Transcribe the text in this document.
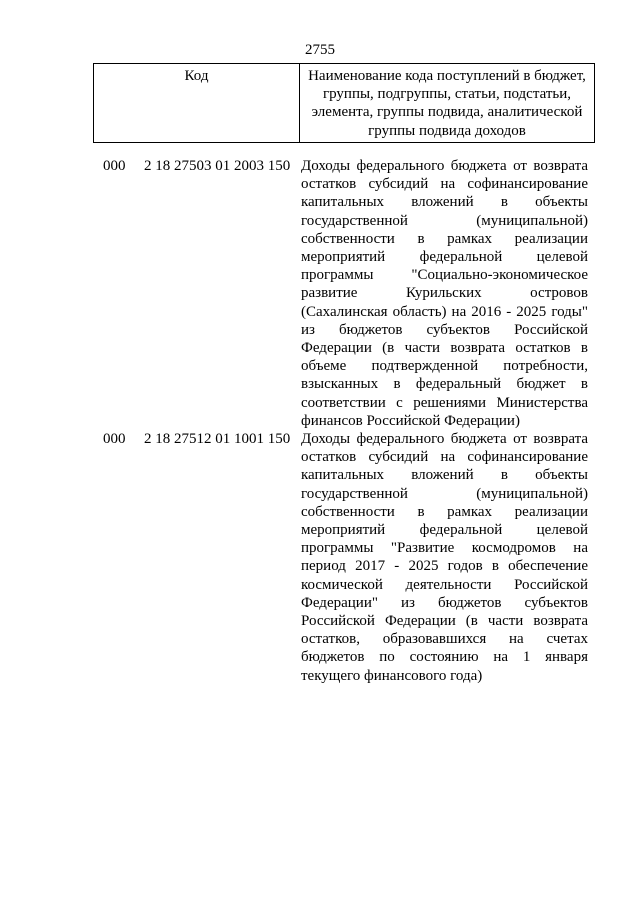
2755
Код	Наименование кода поступлений в бюджет, группы, подгруппы, статьи, подстатьи, элемента, группы подвида, аналитической группы подвида доходов
000 2 18 27503 01 2003 150 Доходы федерального бюджета от возврата остатков субсидий на софинансирование капитальных вложений в объекты государственной (муниципальной) собственности в рамках реализации мероприятий федеральной целевой программы "Социально-экономическое развитие Курильских островов (Сахалинская область) на 2016 - 2025 годы" из бюджетов субъектов Российской Федерации (в части возврата остатков в объеме подтвержденной потребности, взысканных в федеральный бюджет в соответствии с решениями Министерства финансов Российской Федерации)
000 2 18 27512 01 1001 150 Доходы федерального бюджета от возврата остатков субсидий на софинансирование капитальных вложений в объекты государственной (муниципальной) собственности в рамках реализации мероприятий федеральной целевой программы "Развитие космодромов на период 2017 - 2025 годов в обеспечение космической деятельности Российской Федерации" из бюджетов субъектов Российской Федерации (в части возврата остатков, образовавшихся на счетах бюджетов по состоянию на 1 января текущего финансового года)
